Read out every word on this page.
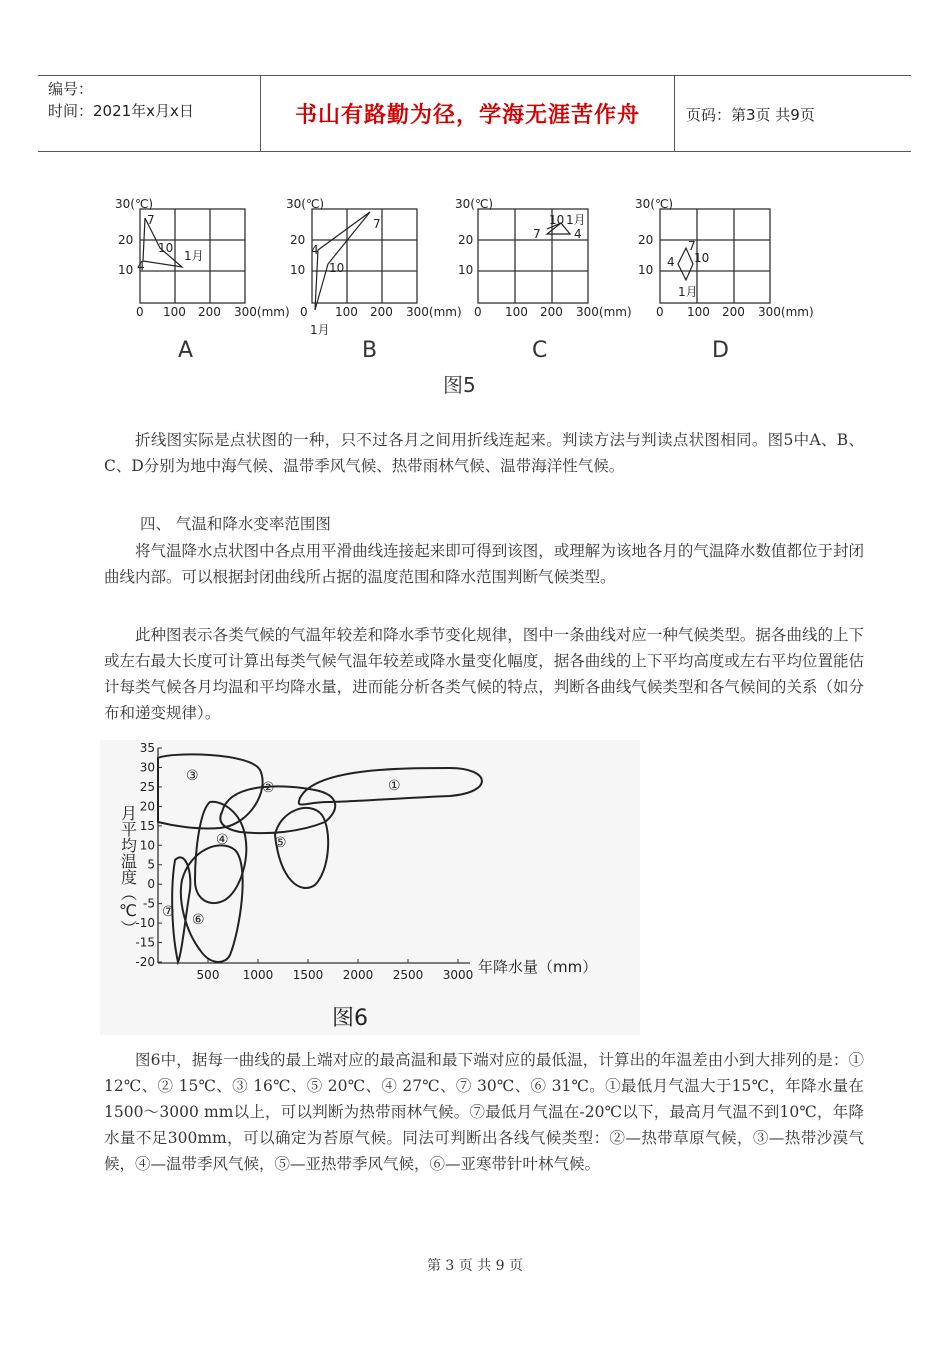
编号：
时间：2021年x月x日	书山有路勤为径，学海无涯苦作舟	页码：第3页 共9页
30(℃)
20
10
0 100 200 300(mm)
7
10
1月
4
30(℃)
20
10
100 200 300(mm)
7
4
10
0
1月
30(℃)
20
10
0 100 200 300(mm)
10 1月
7	4
30(℃)
20
10
0 100 200 300(mm)
7
4 10
1月
A	B	C	D
图5

折线图实际是点状图的一种，只不过各月之间用折线连起来。判读方法与判读点状图相同。图5中A、B、C、D分别为地中海气候、温带季风气候、热带雨林气候、温带海洋性气候。

四、 气温和降水变率范围图

将气温降水点状图中各点用平滑曲线连接起来即可得到该图，或理解为该地各月的气温降水数值都位于封闭曲线内部。可以根据封闭曲线所占据的温度范围和降水范围判断气候类型。

此种图表示各类气候的气温年较差和降水季节变化规律，图中一条曲线对应一种气候类型。据各曲线的上下或左右最大长度可计算出每类气候气温年较差或降水量变化幅度，据各曲线的上下平均高度或左右平均位置能估计每类气候各月均温和平均降水量，进而能分析各类气候的特点，判断各曲线气候类型和各气候间的关系（如分布和递变规律）。

35
30
25
20
15
10
5
0
-5
-10
-15
-20
500 1000 1500 2000 2500 3000
①
②
③
④	⑤
⑥
⑦
月平均温度（℃）
年降水量（mm）
图6

图6中，据每一曲线的最上端对应的最高温和最下端对应的最低温，计算出的年温差由小到大排列的是：① 12℃、② 15℃、③ 16℃、⑤ 20℃、④ 27℃、⑦ 30℃、⑥ 31℃。①最低月气温大于15℃，年降水量在1500～3000 mm以上，可以判断为热带雨林气候。⑦最低月气温在-20℃以下，最高月气温不到10℃，年降水量不足300mm，可以确定为苔原气候。同法可判断出各线气候类型：②—热带草原气候，③—热带沙漠气候，④—温带季风气候，⑤—亚热带季风气候，⑥—亚寒带针叶林气候。

第 3 页 共 9 页
